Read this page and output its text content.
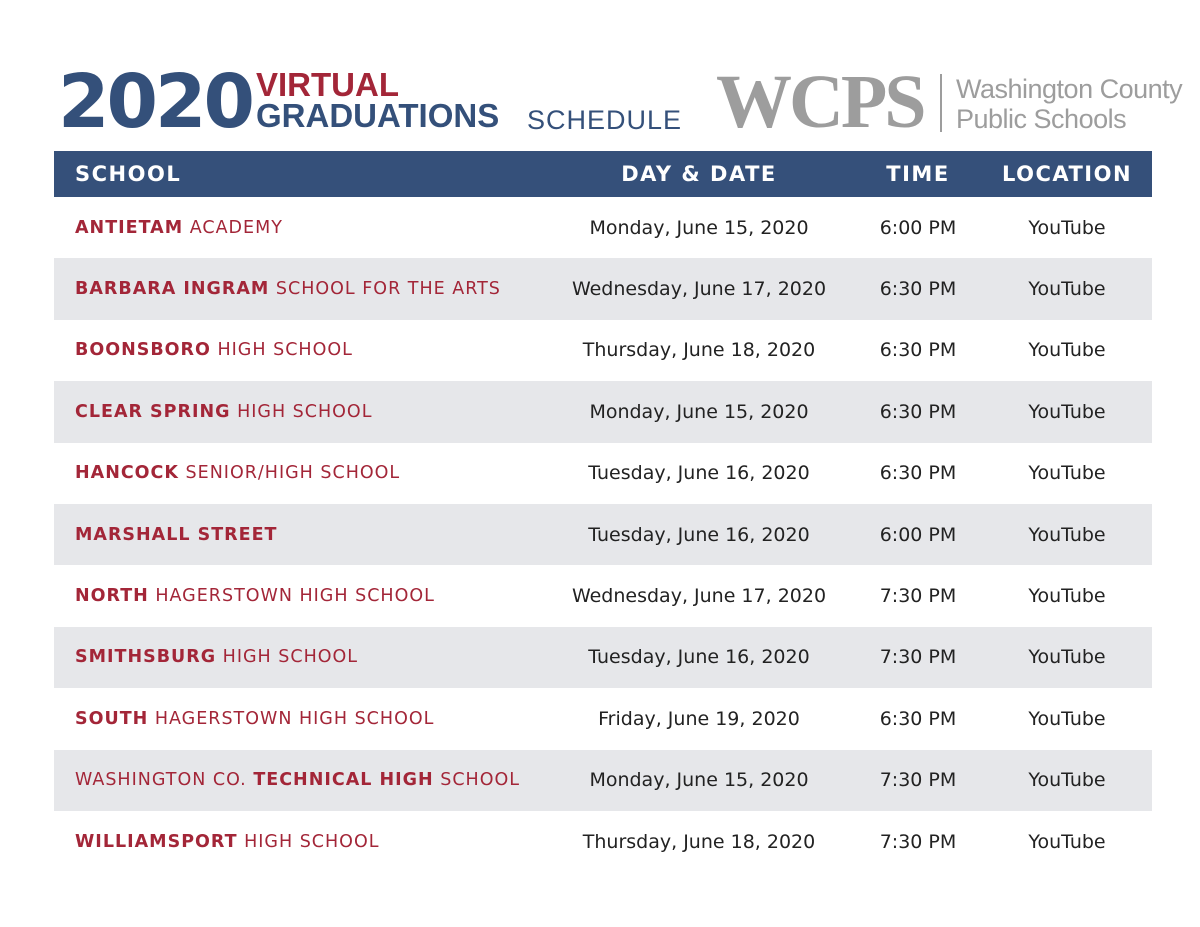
2020 VIRTUAL
GRADUATIONS SCHEDULE WCPS Washington County
Public Schools
SCHOOL	DAY & DATE	TIME	LOCATION
ANTIETAM ACADEMY	Monday, June 15, 2020	6:00 PM	YouTube
BARBARA INGRAM SCHOOL FOR THE ARTS	Wednesday, June 17, 2020	6:30 PM	YouTube
BOONSBORO HIGH SCHOOL	Thursday, June 18, 2020	6:30 PM	YouTube
CLEAR SPRING HIGH SCHOOL	Monday, June 15, 2020	6:30 PM	YouTube
HANCOCK SENIOR/HIGH SCHOOL	Tuesday, June 16, 2020	6:30 PM	YouTube
MARSHALL STREET	Tuesday, June 16, 2020	6:00 PM	YouTube
NORTH HAGERSTOWN HIGH SCHOOL	Wednesday, June 17, 2020	7:30 PM	YouTube
SMITHSBURG HIGH SCHOOL	Tuesday, June 16, 2020	7:30 PM	YouTube
SOUTH HAGERSTOWN HIGH SCHOOL	Friday, June 19, 2020	6:30 PM	YouTube
WASHINGTON CO. TECHNICAL HIGH SCHOOL	Monday, June 15, 2020	7:30 PM	YouTube
WILLIAMSPORT HIGH SCHOOL	Thursday, June 18, 2020	7:30 PM	YouTube
